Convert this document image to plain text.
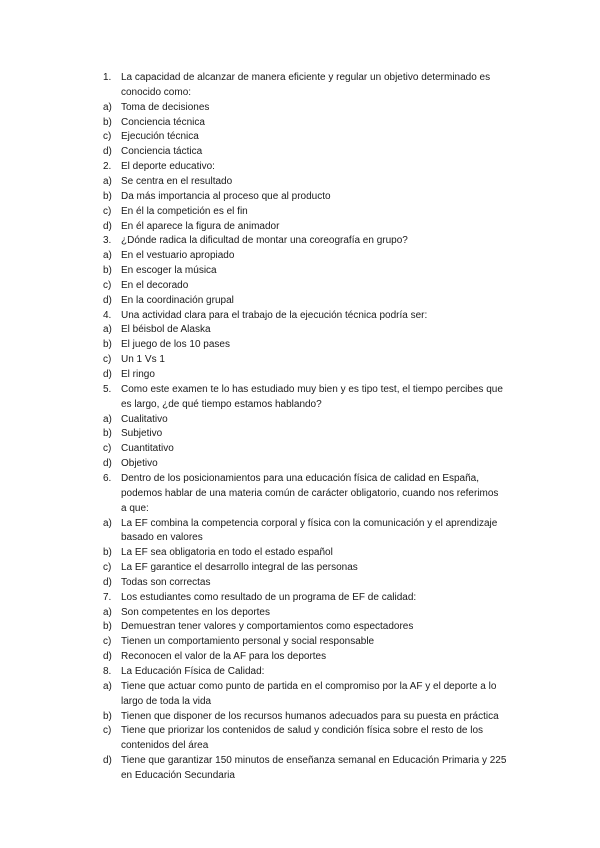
1. La capacidad de alcanzar de manera eficiente y regular un objetivo determinado es
conocido como:
a) Toma de decisiones
b) Conciencia técnica
c) Ejecución técnica
d) Conciencia táctica
2. El deporte educativo:
a) Se centra en el resultado
b) Da más importancia al proceso que al producto
c) En él la competición es el fin
d) En él aparece la figura de animador
3. ¿Dónde radica la dificultad de montar una coreografía en grupo?
a) En el vestuario apropiado
b) En escoger la música
c) En el decorado
d) En la coordinación grupal
4. Una actividad clara para el trabajo de la ejecución técnica podría ser:
a) El béisbol de Alaska
b) El juego de los 10 pases
c) Un 1 Vs 1
d) El ringo
5. Como este examen te lo has estudiado muy bien y es tipo test, el tiempo percibes que
es largo, ¿de qué tiempo estamos hablando?
a) Cualitativo
b) Subjetivo
c) Cuantitativo
d) Objetivo
6. Dentro de los posicionamientos para una educación física de calidad en España,
podemos hablar de una materia común de carácter obligatorio, cuando nos referimos
a que:
a) La EF combina la competencia corporal y física con la comunicación y el aprendizaje
basado en valores
b) La EF sea obligatoria en todo el estado español
c) La EF garantice el desarrollo integral de las personas
d) Todas son correctas
7. Los estudiantes como resultado de un programa de EF de calidad:
a) Son competentes en los deportes
b) Demuestran tener valores y comportamientos como espectadores
c) Tienen un comportamiento personal y social responsable
d) Reconocen el valor de la AF para los deportes
8. La Educación Física de Calidad:
a) Tiene que actuar como punto de partida en el compromiso por la AF y el deporte a lo
largo de toda la vida
b) Tienen que disponer de los recursos humanos adecuados para su puesta en práctica
c) Tiene que priorizar los contenidos de salud y condición física sobre el resto de los
contenidos del área
d) Tiene que garantizar 150 minutos de enseñanza semanal en Educación Primaria y 225
en Educación Secundaria
